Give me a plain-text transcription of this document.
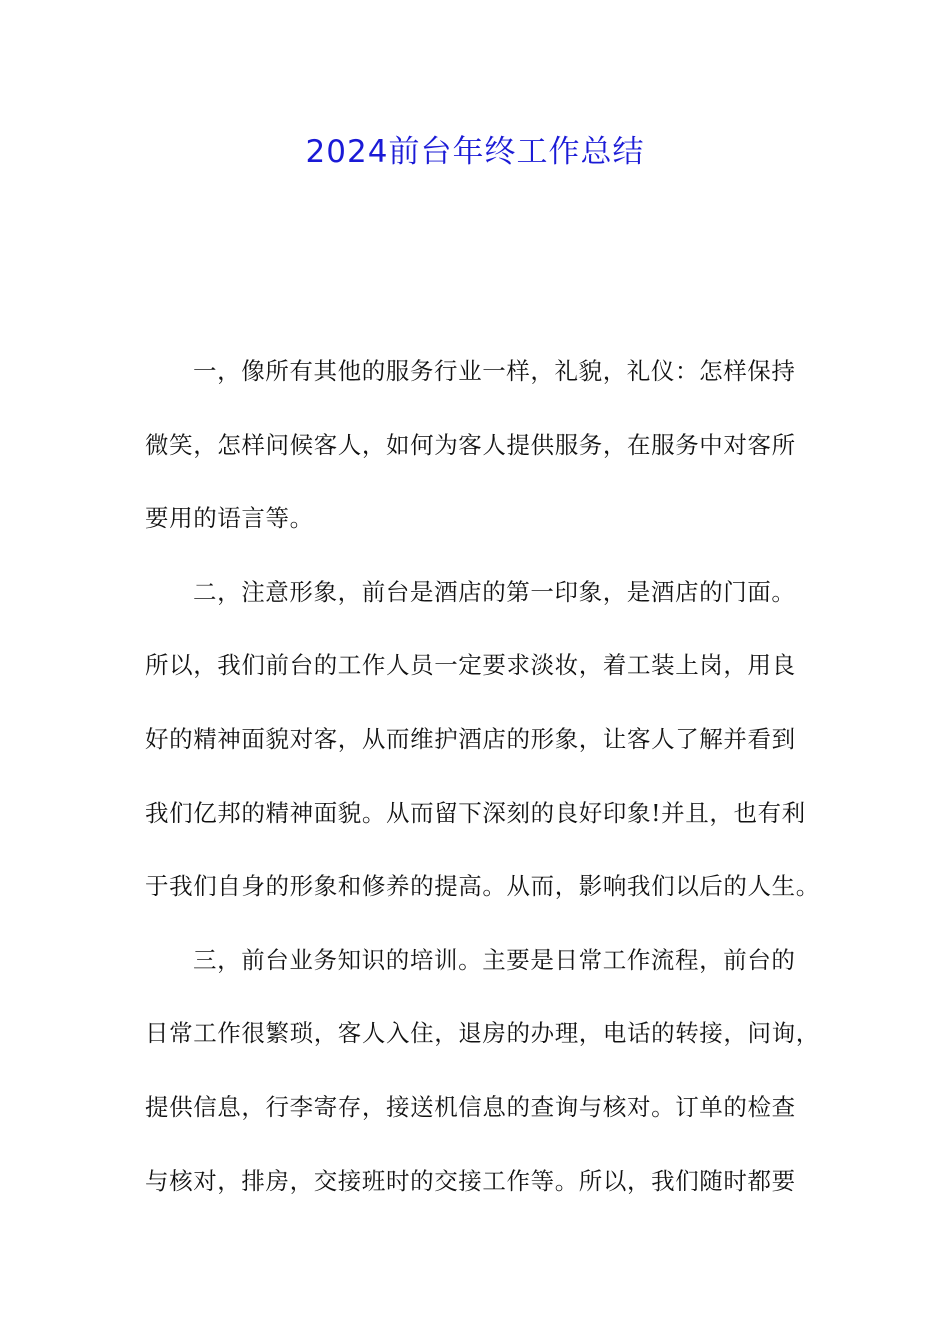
2024前台年终工作总结
一，像所有其他的服务行业一样，礼貌，礼仪：怎样保持
微笑，怎样问候客人，如何为客人提供服务，在服务中对客所
要用的语言等。
二，注意形象，前台是酒店的第一印象，是酒店的门面。
所以，我们前台的工作人员一定要求淡妆，着工装上岗，用良
好的精神面貌对客，从而维护酒店的形象，让客人了解并看到
我们亿邦的精神面貌。从而留下深刻的良好印象!并且，也有利
于我们自身的形象和修养的提高。从而，影响我们以后的人生。
三，前台业务知识的培训。主要是日常工作流程，前台的
日常工作很繁琐，客人入住，退房的办理，电话的转接，问询，
提供信息，行李寄存，接送机信息的查询与核对。订单的检查
与核对，排房，交接班时的交接工作等。所以，我们随时都要
